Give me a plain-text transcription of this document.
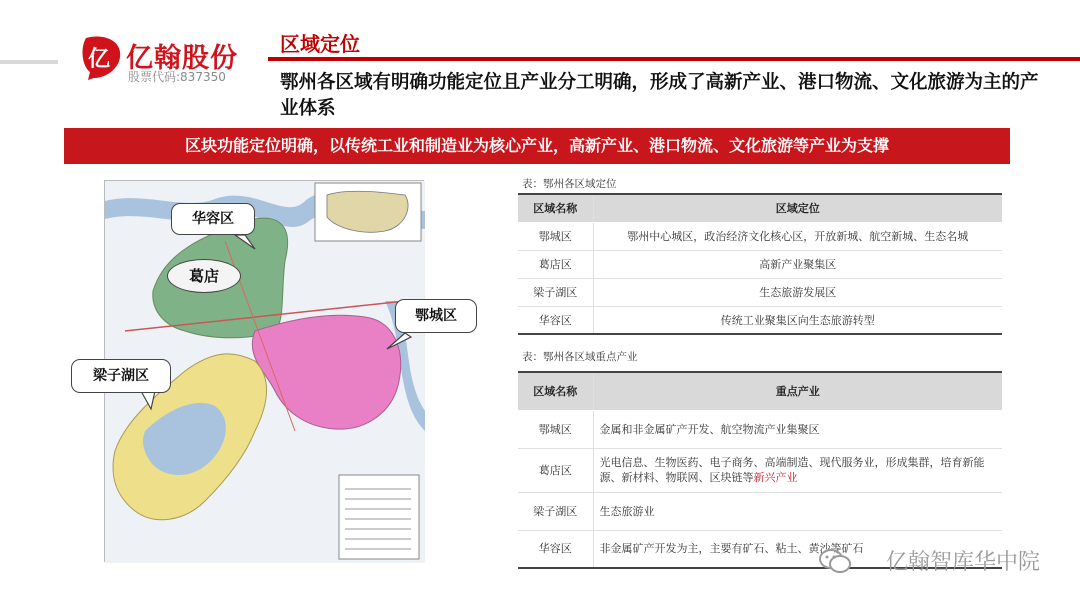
亿 亿翰股份
股票代码:837350
区域定位
鄂州各区域有明确功能定位且产业分工明确，形成了高新产业、港口物流、文化旅游为主的产业体系
区块功能定位明确，以传统工业和制造业为核心产业，高新产业、港口物流、文化旅游等产业为支撑
华容区
葛店
鄂城区
梁子湖区
表：鄂州各区域定位
区域名称	区域定位
鄂城区	鄂州中心城区，政治经济文化核心区，开放新城、航空新城、生态名城
葛店区	高新产业聚集区
梁子湖区	生态旅游发展区
华容区	传统工业聚集区向生态旅游转型
表：鄂州各区域重点产业
区域名称	重点产业
鄂城区	金属和非金属矿产开发、航空物流产业集聚区
葛店区	光电信息、生物医药、电子商务、高端制造、现代服务业，形成集群，培育新能源、新材料、物联网、区块链等新兴产业
梁子湖区	生态旅游业
华容区	非金属矿产开发为主，主要有矿石、粘土、黄沙等矿石
亿翰智库华中院
